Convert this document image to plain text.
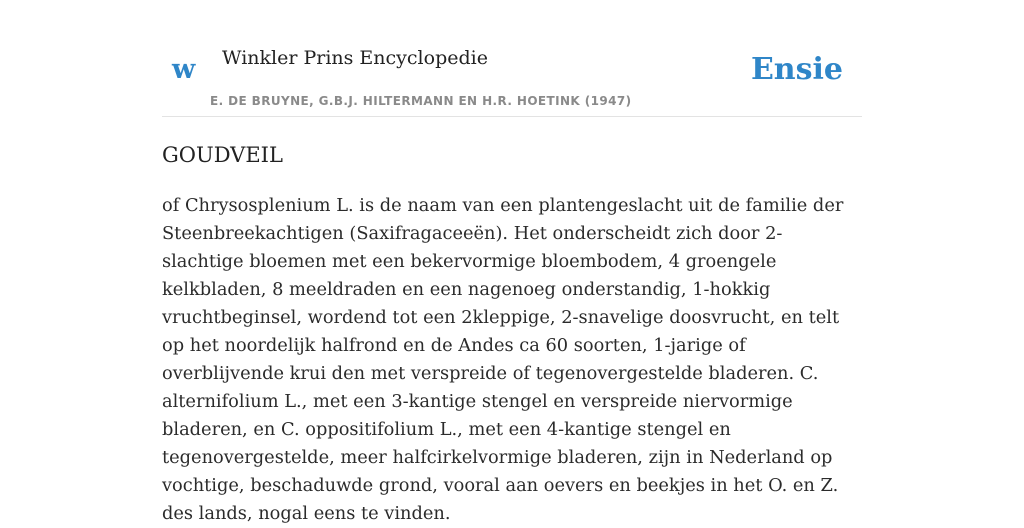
w Winkler Prins Encyclopedie
E. DE BRUYNE, G.B.J. HILTERMANN EN H.R. HOETINK (1947)
Ensie
GOUDVEIL

of Chrysosplenium L. is de naam van een plantengeslacht uit de familie der Steenbreekachtigen (Saxifragaceeën). Het onderscheidt zich door 2-slachtige bloemen met een bekervormige bloembodem, 4 groengele kelkbladen, 8 meeldraden en een nagenoeg onderstandig, 1-hokkig vruchtbeginsel, wordend tot een 2kleppige, 2-snavelige doosvrucht, en telt op het noordelijk halfrond en de Andes ca 60 soorten, 1-jarige of overblijvende krui den met verspreide of tegenovergestelde bladeren. C. alternifolium L., met een 3-kantige stengel en verspreide niervormige bladeren, en C. oppositifolium L., met een 4-kantige stengel en tegenovergestelde, meer halfcirkelvormige bladeren, zijn in Nederland op vochtige, beschaduwde grond, vooral aan oevers en beekjes in het O. en Z. des lands, nogal eens te vinden.
